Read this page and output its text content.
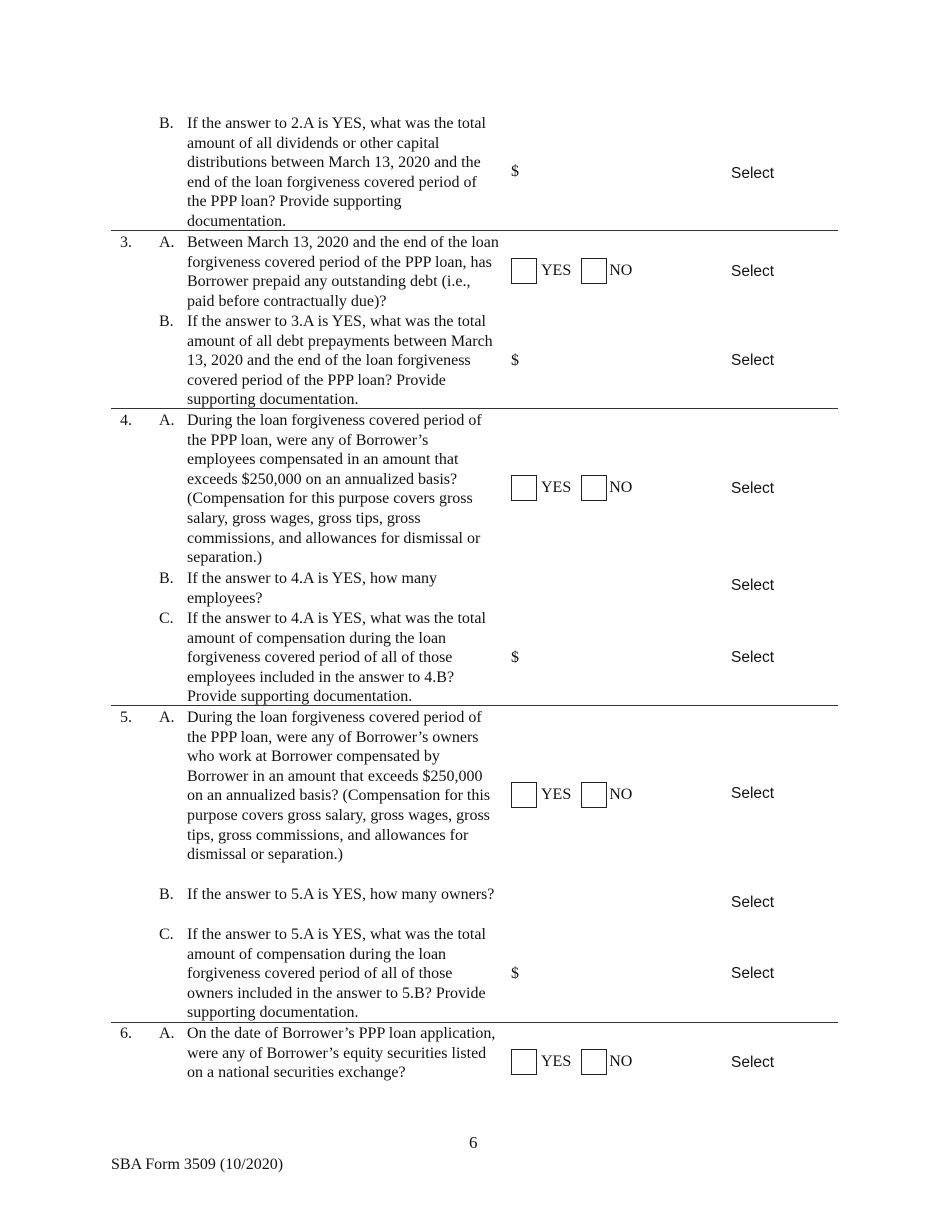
B. If the answer to 2.A is YES, what was the total amount of all dividends or other capital distributions between March 13, 2020 and the end of the loan forgiveness covered period of the PPP loan? Provide supporting documentation.
$	Select
3. A. Between March 13, 2020 and the end of the loan forgiveness covered period of the PPP loan, has Borrower prepaid any outstanding debt (i.e., paid before contractually due)?
YES NO	Select
B. If the answer to 3.A is YES, what was the total amount of all debt prepayments between March 13, 2020 and the end of the loan forgiveness covered period of the PPP loan? Provide supporting documentation.
$	Select
4. A. During the loan forgiveness covered period of the PPP loan, were any of Borrower’s employees compensated in an amount that exceeds $250,000 on an annualized basis? (Compensation for this purpose covers gross salary, gross wages, gross tips, gross commissions, and allowances for dismissal or separation.)
YES NO	Select
B. If the answer to 4.A is YES, how many employees?
Select
C. If the answer to 4.A is YES, what was the total amount of compensation during the loan forgiveness covered period of all of those employees included in the answer to 4.B? Provide supporting documentation.
$	Select
5. A. During the loan forgiveness covered period of the PPP loan, were any of Borrower’s owners who work at Borrower compensated by Borrower in an amount that exceeds $250,000 on an annualized basis? (Compensation for this purpose covers gross salary, gross wages, gross tips, gross commissions, and allowances for dismissal or separation.)
YES NO	Select
B. If the answer to 5.A is YES, how many owners?	Select
C. If the answer to 5.A is YES, what was the total amount of compensation during the loan forgiveness covered period of all of those owners included in the answer to 5.B? Provide supporting documentation.
$	Select
6. A. On the date of Borrower’s PPP loan application, were any of Borrower’s equity securities listed on a national securities exchange?
YES NO	Select
6
SBA Form 3509 (10/2020)
